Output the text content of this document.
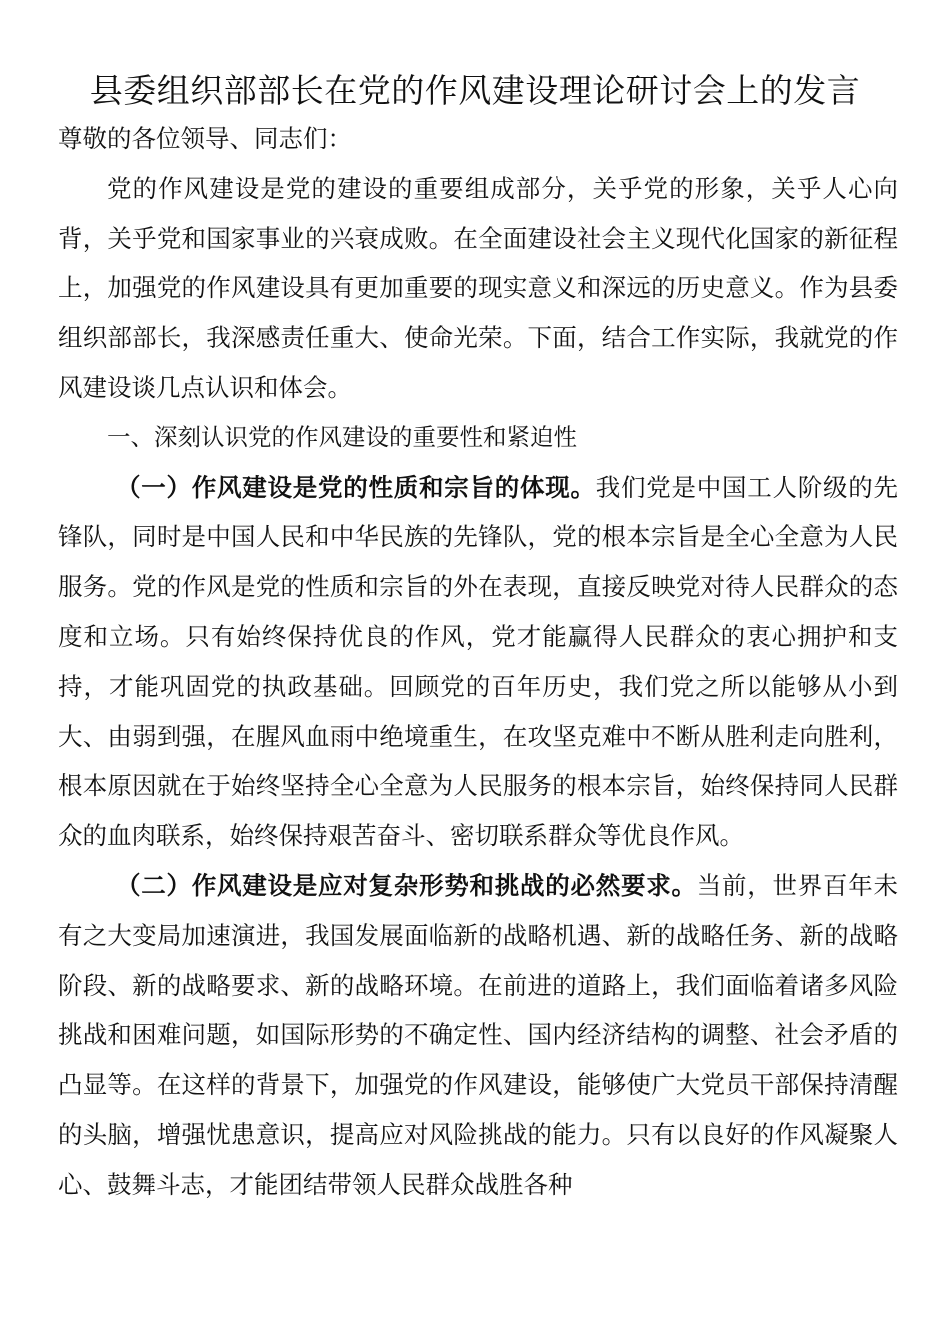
县委组织部部长在党的作风建设理论研讨会上的发言

尊敬的各位领导、同志们：

党的作风建设是党的建设的重要组成部分，关乎党的形象，关乎人心向背，关乎党和国家事业的兴衰成败。在全面建设社会主义现代化国家的新征程上，加强党的作风建设具有更加重要的现实意义和深远的历史意义。作为县委组织部部长，我深感责任重大、使命光荣。下面，结合工作实际，我就党的作风建设谈几点认识和体会。

一、深刻认识党的作风建设的重要性和紧迫性

（一）作风建设是党的性质和宗旨的体现。我们党是中国工人阶级的先锋队，同时是中国人民和中华民族的先锋队，党的根本宗旨是全心全意为人民服务。党的作风是党的性质和宗旨的外在表现，直接反映党对待人民群众的态度和立场。只有始终保持优良的作风，党才能赢得人民群众的衷心拥护和支持，才能巩固党的执政基础。回顾党的百年历史，我们党之所以能够从小到大、由弱到强，在腥风血雨中绝境重生，在攻坚克难中不断从胜利走向胜利，根本原因就在于始终坚持全心全意为人民服务的根本宗旨，始终保持同人民群众的血肉联系，始终保持艰苦奋斗、密切联系群众等优良作风。

（二）作风建设是应对复杂形势和挑战的必然要求。当前，世界百年未有之大变局加速演进，我国发展面临新的战略机遇、新的战略任务、新的战略阶段、新的战略要求、新的战略环境。在前进的道路上，我们面临着诸多风险挑战和困难问题，如国际形势的不确定性、国内经济结构的调整、社会矛盾的凸显等。在这样的背景下，加强党的作风建设，能够使广大党员干部保持清醒的头脑，增强忧患意识，提高应对风险挑战的能力。只有以良好的作风凝聚人心、鼓舞斗志，才能团结带领人民群众战胜各种
